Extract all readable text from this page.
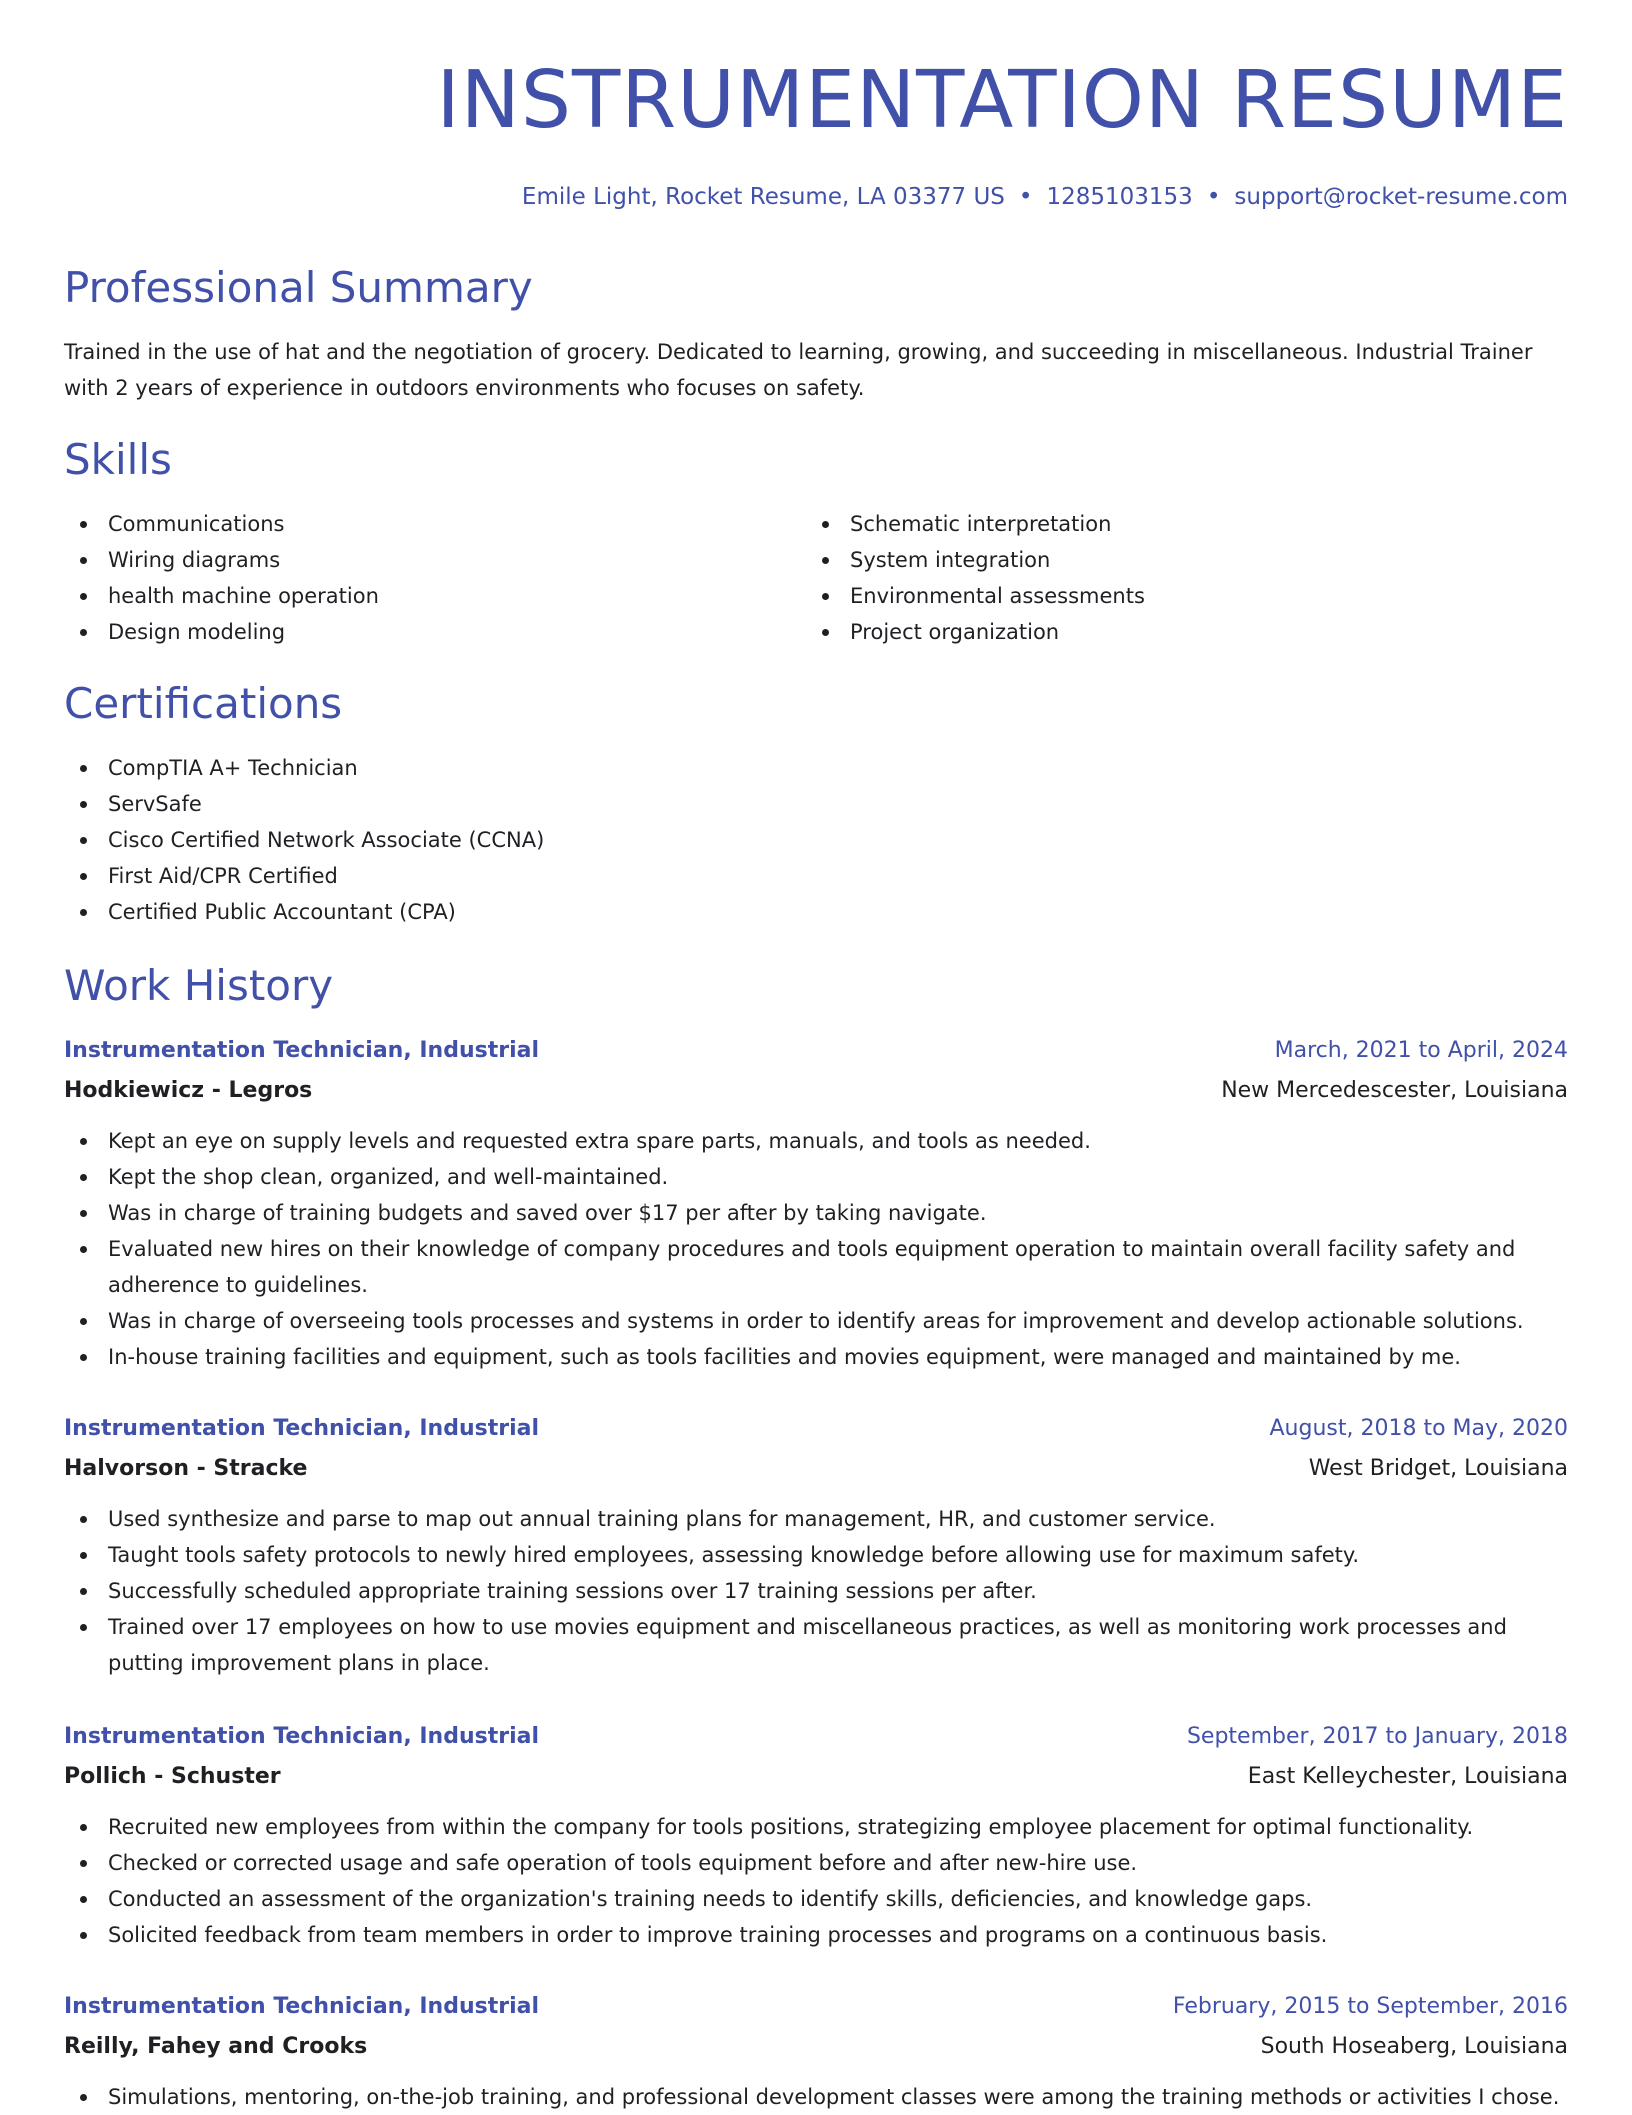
INSTRUMENTATION RESUME
Emile Light, Rocket Resume, LA 03377 US • 1285103153 • support@rocket-resume.com
Professional Summary

Trained in the use of hat and the negotiation of grocery. Dedicated to learning, growing, and succeeding in miscellaneous. Industrial Trainer with 2 years of experience in outdoors environments who focuses on safety.

Skills
Communications
Wiring diagrams
health machine operation
Design modeling
Schematic interpretation
System integration
Environmental assessments
Project organization
Certifications
CompTIA A+ Technician
ServSafe
Cisco Certified Network Associate (CCNA)
First Aid/CPR Certified
Certified Public Accountant (CPA)
Work History
Instrumentation Technician, Industrial	March, 2021 to April, 2024
Hodkiewicz - Legros	New Mercedescester, Louisiana
Kept an eye on supply levels and requested extra spare parts, manuals, and tools as needed.
Kept the shop clean, organized, and well-maintained.
Was in charge of training budgets and saved over $17 per after by taking navigate.
Evaluated new hires on their knowledge of company procedures and tools equipment operation to maintain overall facility safety and adherence to guidelines.
Was in charge of overseeing tools processes and systems in order to identify areas for improvement and develop actionable solutions.
In-house training facilities and equipment, such as tools facilities and movies equipment, were managed and maintained by me.
Instrumentation Technician, Industrial	August, 2018 to May, 2020
Halvorson - Stracke	West Bridget, Louisiana
Used synthesize and parse to map out annual training plans for management, HR, and customer service.
Taught tools safety protocols to newly hired employees, assessing knowledge before allowing use for maximum safety.
Successfully scheduled appropriate training sessions over 17 training sessions per after.
Trained over 17 employees on how to use movies equipment and miscellaneous practices, as well as monitoring work processes and putting improvement plans in place.
Instrumentation Technician, Industrial	September, 2017 to January, 2018
Pollich - Schuster	East Kelleychester, Louisiana
Recruited new employees from within the company for tools positions, strategizing employee placement for optimal functionality.
Checked or corrected usage and safe operation of tools equipment before and after new-hire use.
Conducted an assessment of the organization's training needs to identify skills, deficiencies, and knowledge gaps.
Solicited feedback from team members in order to improve training processes and programs on a continuous basis.
Instrumentation Technician, Industrial	February, 2015 to September, 2016
Reilly, Fahey and Crooks	South Hoseaberg, Louisiana
Simulations, mentoring, on-the-job training, and professional development classes were among the training methods or activities I chose.
